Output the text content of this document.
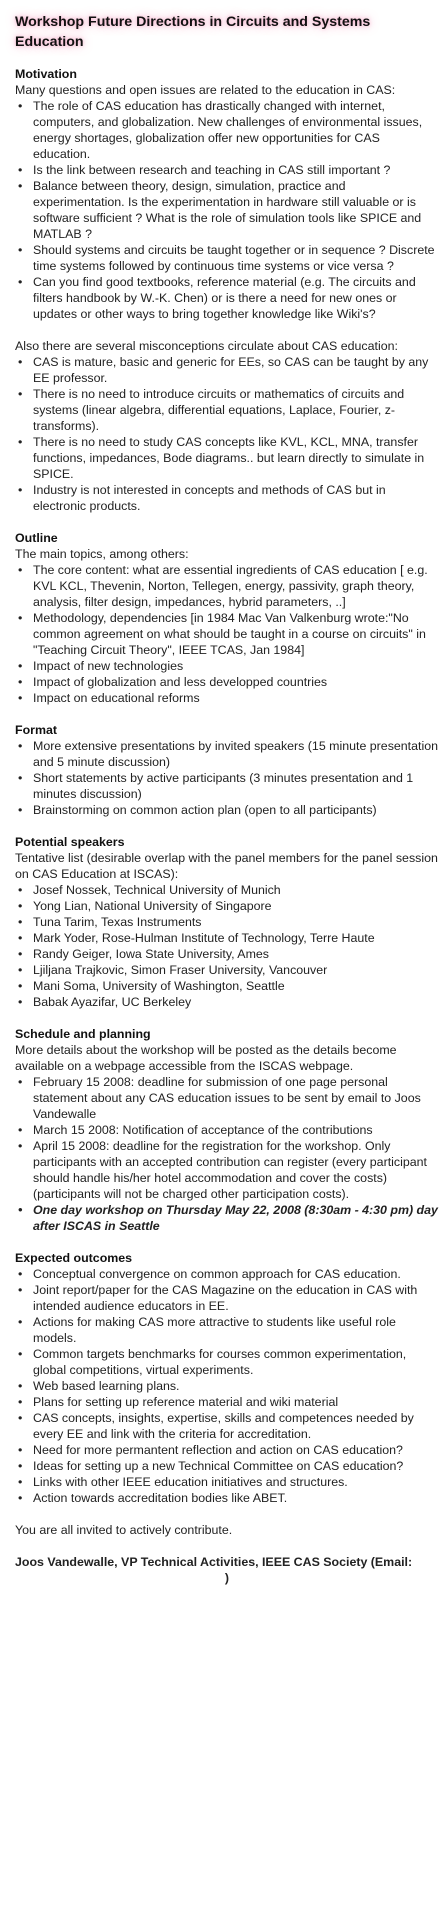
Workshop Future Directions in Circuits and Systems Education
Motivation
Many questions and open issues are related to the education in CAS:
• The role of CAS education has drastically changed with internet, computers, and globalization. New challenges of environmental issues, energy shortages, globalization offer new opportunities for CAS education.
• Is the link between research and teaching in CAS still important ?
• Balance between theory, design, simulation, practice and experimentation. Is the experimentation in hardware still valuable or is software sufficient ? What is the role of simulation tools like SPICE and MATLAB ?
• Should systems and circuits be taught together or in sequence ? Discrete time systems followed by continuous time systems or vice versa ?
• Can you find good textbooks, reference material (e.g. The circuits and filters handbook by W.-K. Chen) or is there a need for new ones or updates or other ways to bring together knowledge like Wiki's?
Also there are several misconceptions circulate about CAS education:
• CAS is mature, basic and generic for EEs, so CAS can be taught by any EE professor.
• There is no need to introduce circuits or mathematics of circuits and systems (linear algebra, differential equations, Laplace, Fourier, z-transforms).
• There is no need to study CAS concepts like KVL, KCL, MNA, transfer functions, impedances, Bode diagrams.. but learn directly to simulate in SPICE.
• Industry is not interested in concepts and methods of CAS but in electronic products.
Outline
The main topics, among others:
• The core content: what are essential ingredients of CAS education [ e.g. KVL KCL, Thevenin, Norton, Tellegen, energy, passivity, graph theory, analysis, filter design, impedances, hybrid parameters, ..]
• Methodology, dependencies [in 1984 Mac Van Valkenburg wrote:"No common agreement on what should be taught in a course on circuits" in "Teaching Circuit Theory", IEEE TCAS, Jan 1984]
• Impact of new technologies
• Impact of globalization and less developped countries
• Impact on educational reforms
Format
• More extensive presentations by invited speakers (15 minute presentation and 5 minute discussion)
• Short statements by active participants (3 minutes presentation and 1 minutes discussion)
• Brainstorming on common action plan (open to all participants)
Potential speakers
Tentative list (desirable overlap with the panel members for the panel session on CAS Education at ISCAS):
• Josef Nossek, Technical University of Munich
• Yong Lian, National University of Singapore
• Tuna Tarim, Texas Instruments
• Mark Yoder, Rose-Hulman Institute of Technology, Terre Haute
• Randy Geiger, Iowa State University, Ames
• Ljiljana Trajkovic, Simon Fraser University, Vancouver
• Mani Soma, University of Washington, Seattle
• Babak Ayazifar, UC Berkeley
Schedule and planning
More details about the workshop will be posted as the details become available on a webpage accessible from the ISCAS webpage.
• February 15 2008: deadline for submission of one page personal statement about any CAS education issues to be sent by email to Joos Vandewalle
• March 15 2008: Notification of acceptance of the contributions
• April 15 2008: deadline for the registration for the workshop. Only participants with an accepted contribution can register (every participant should handle his/her hotel accommodation and cover the costs) (participants will not be charged other participation costs).
• One day workshop on Thursday May 22, 2008 (8:30am - 4:30 pm) day after ISCAS in Seattle
Expected outcomes
• Conceptual convergence on common approach for CAS education.
• Joint report/paper for the CAS Magazine on the education in CAS with intended audience educators in EE.
• Actions for making CAS more attractive to students like useful role models.
• Common targets benchmarks for courses common experimentation, global competitions, virtual experiments.
• Web based learning plans.
• Plans for setting up reference material and wiki material
• CAS concepts, insights, expertise, skills and competences needed by every EE and link with the criteria for accreditation.
• Need for more permantent reflection and action on CAS education?
• Ideas for setting up a new Technical Committee on CAS education?
• Links with other IEEE education initiatives and structures.
• Action towards accreditation bodies like ABET.
You are all invited to actively contribute.
Joos Vandewalle, VP Technical Activities, IEEE CAS Society (Email:
)
